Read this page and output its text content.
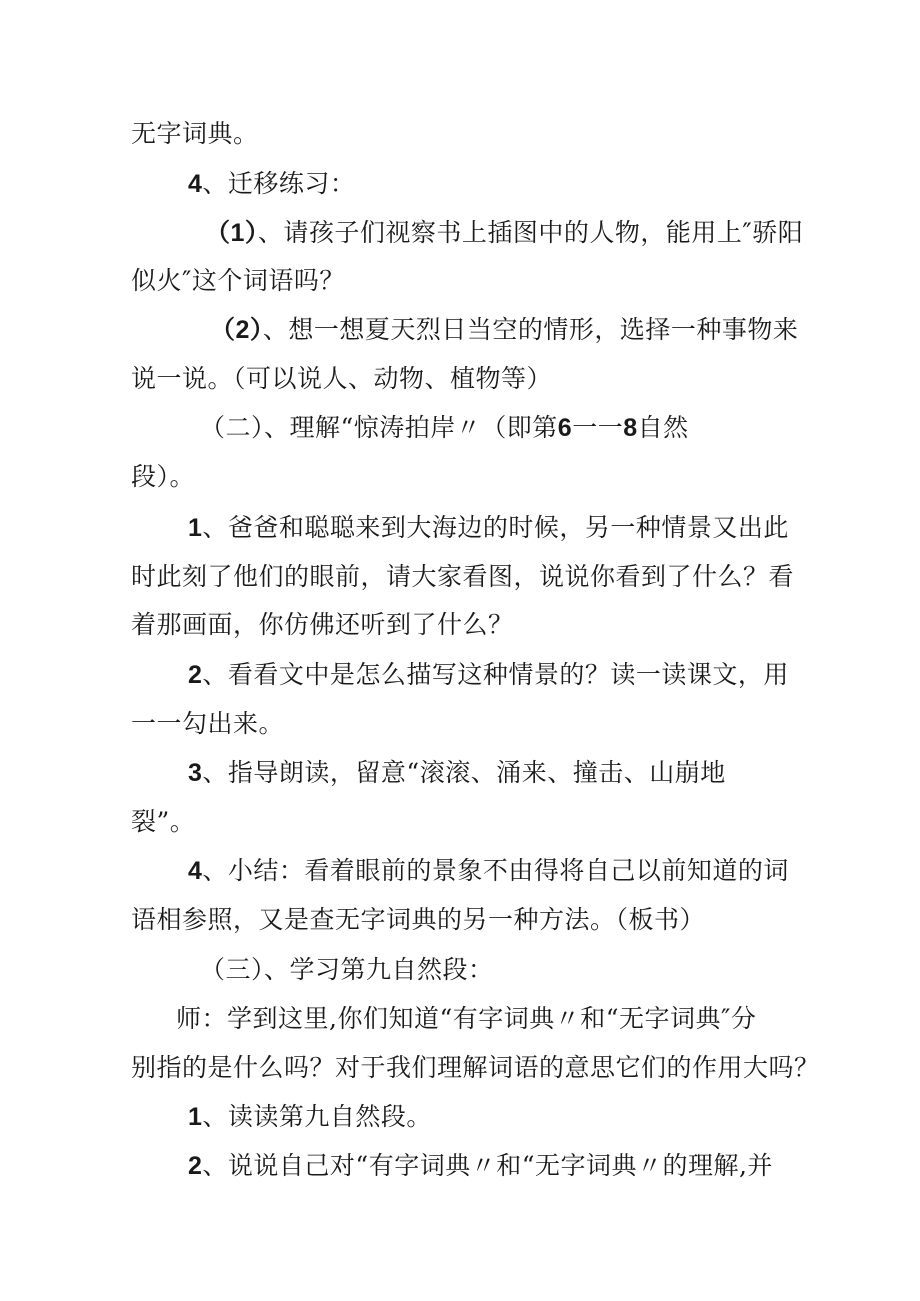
无字词典。
4、迁移练习：
（1）、请孩子们视察书上插图中的人物，能用上″骄阳
似火″这个词语吗？
（2）、想一想夏天烈日当空的情形，选择一种事物来
说一说。（可以说人、动物、植物等）
（二）、理解“惊涛拍岸〃（即第6一一8自然
段）。
1、爸爸和聪聪来到大海边的时候，另一种情景又出此
时此刻了他们的眼前，请大家看图，说说你看到了什么？看
着那画面，你仿佛还听到了什么？
2、看看文中是怎么描写这种情景的？读一读课文，用
一一勾出来。
3、指导朗读，留意“滚滚、涌来、撞击、山崩地
裂”。
4、小结：看着眼前的景象不由得将自己以前知道的词
语相参照，又是查无字词典的另一种方法。（板书）
（三）、学习第九自然段：
师：学到这里,你们知道“有字词典〃和“无字词典″分
别指的是什么吗？对于我们理解词语的意思它们的作用大吗？
1、读读第九自然段。
2、说说自己对“有字词典〃和“无字词典〃的理解,并
